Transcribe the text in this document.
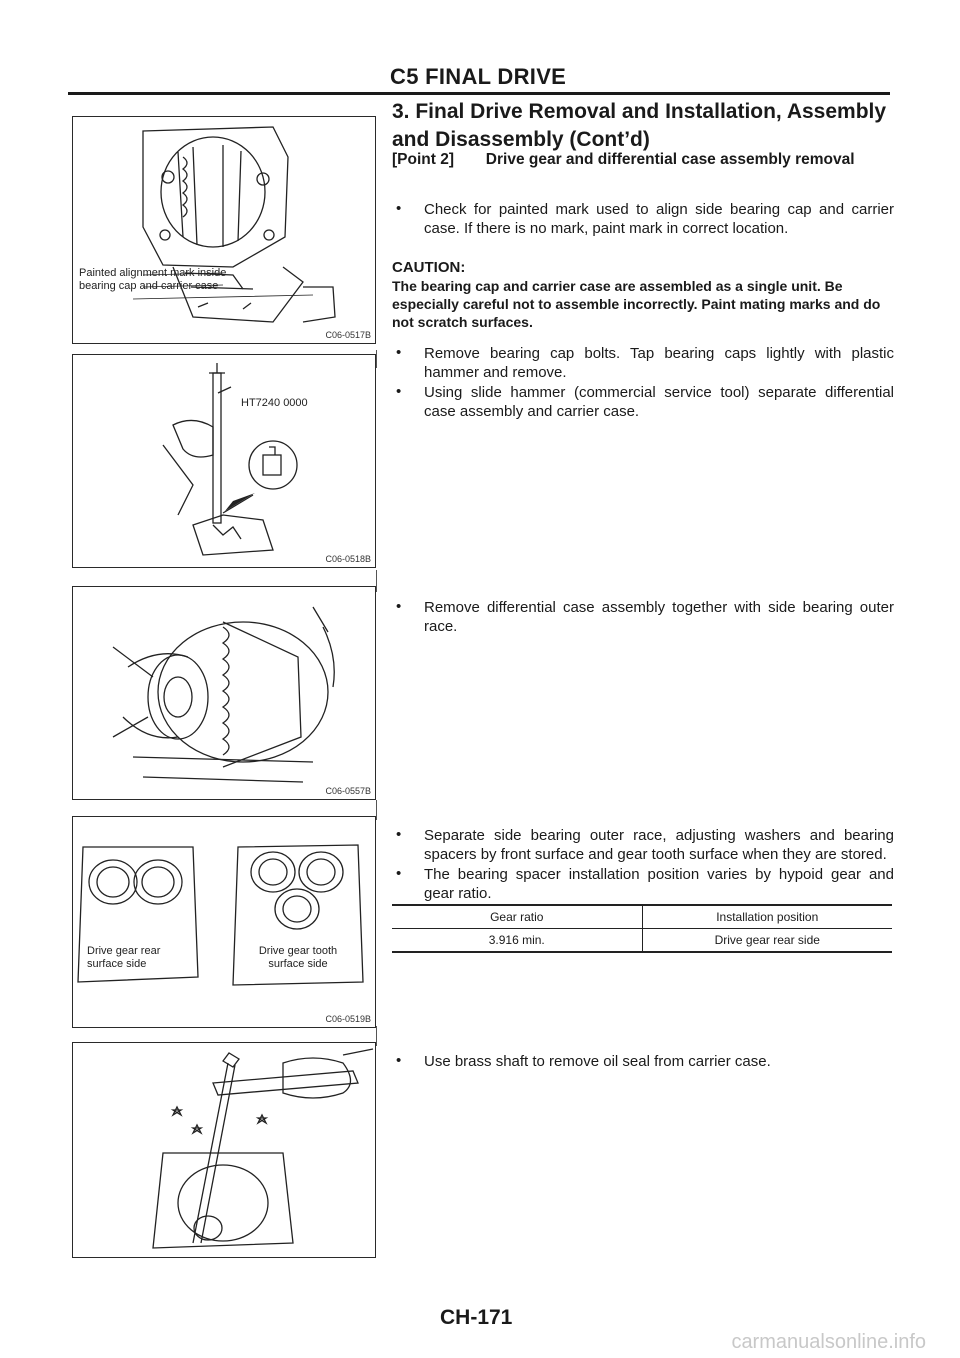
C5 FINAL DRIVE
3. Final Drive Removal and Installation, Assembly and Disassembly (Cont’d)
Painted alignment mark inside bearing cap and carrier case
C06-0517B
HT7240 0000
C06-0518B
C06-0557B
Drive gear rear surface side
Drive gear tooth surface side
C06-0519B
[Point 2] Drive gear and differential case assembly removal
• Check for painted mark used to align side bearing cap and carrier case. If there is no mark, paint mark in correct location.
CAUTION:
The bearing cap and carrier case are assembled as a single unit. Be especially careful not to assemble incorrectly. Paint mating marks and do not scratch surfaces.
• Remove bearing cap bolts. Tap bearing caps lightly with plastic hammer and remove.
• Using slide hammer (commercial service tool) separate differential case assembly and carrier case.
• Remove differential case assembly together with side bearing outer race.
• Separate side bearing outer race, adjusting washers and bearing spacers by front surface and gear tooth surface when they are stored.
• The bearing spacer installation position varies by hypoid gear and gear ratio.
Gear ratio	Installation position
3.916 min.	Drive gear rear side
• Use brass shaft to remove oil seal from carrier case.
CH-171
carmanualsonline.info
